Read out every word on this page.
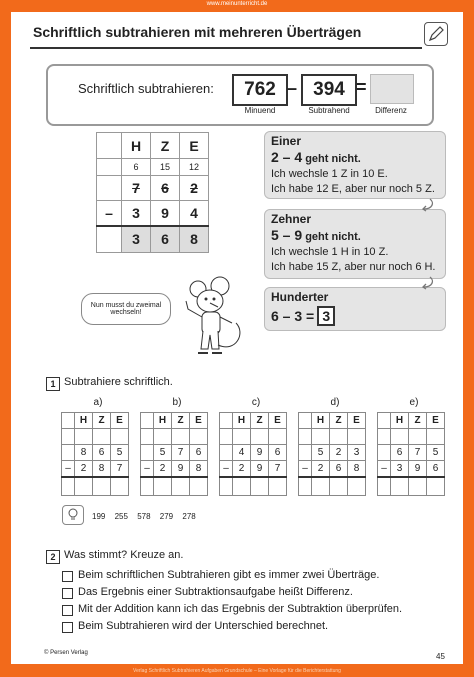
www.meinunterricht.de
Schriftlich subtrahieren mit mehreren Überträgen
Schriftlich subtrahieren:	762 – 394 =
Minuend	Subtrahend	Differenz
	H	Z	E
	6	15	12
	7	6	2
–	3	9	4
	3	6	8
Einer
2 – 4 geht nicht.
Ich wechsle 1 Z in 10 E.
Ich habe 12 E, aber nur noch 5 Z.
Zehner
5 – 9 geht nicht.
Ich wechsle 1 H in 10 Z.
Ich habe 15 Z, aber nur noch 6 H.
Hunderter
6 – 3 = 3
Nun musst du zweimal wechseln!
1 Subtrahiere schriftlich.
a)
	H	Z	E

	8	6	5
–	2	8	7

b)
	H	Z	E

	5	7	6
–	2	9	8

c)
	H	Z	E

	4	9	6
–	2	9	7

d)
	H	Z	E

	5	2	3
–	2	6	8

e)
	H	Z	E

	6	7	5
–	3	9	6

199 255 578 279 278
2 Was stimmt? Kreuze an.
Beim schriftlichen Subtrahieren gibt es immer zwei Überträge.
Das Ergebnis einer Subtraktionsaufgabe heißt Differenz.
Mit der Addition kann ich das Ergebnis der Subtraktion überprüfen.
Beim Subtrahieren wird der Unterschied berechnet.
© Persen Verlag	45
Verlag Schriftlich Subtrahieren Aufgaben Grundschule – Eine Vorlage für die Berichterstattung
